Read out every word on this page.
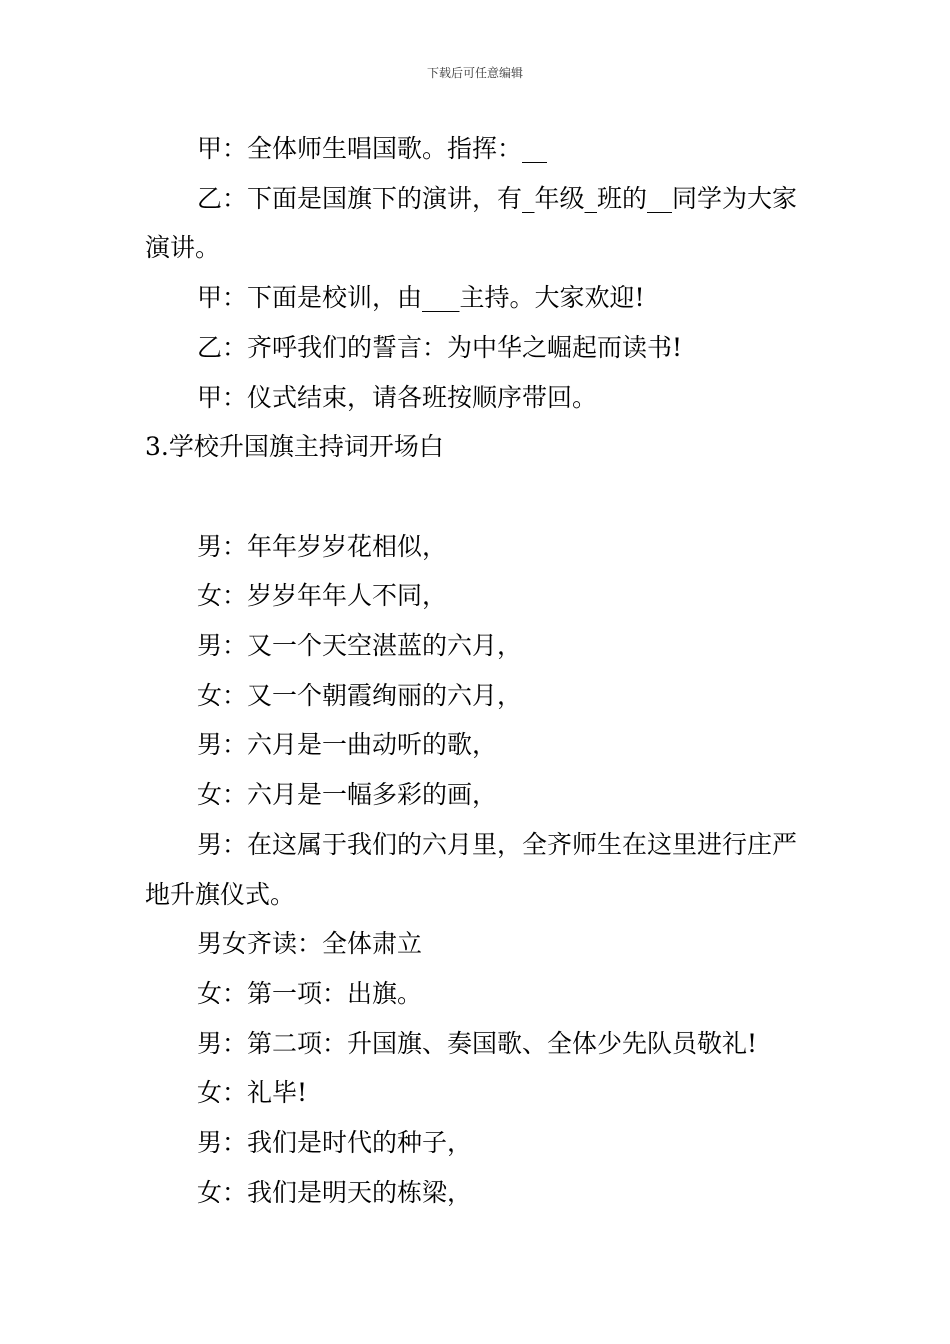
下载后可任意编辑

甲：全体师生唱国歌。指挥：__

乙：下面是国旗下的演讲，有_年级_班的__同学为大家演讲。

甲：下面是校训，由___主持。大家欢迎!

乙：齐呼我们的誓言：为中华之崛起而读书!

甲：仪式结束，请各班按顺序带回。

3.学校升国旗主持词开场白

男：年年岁岁花相似，

女：岁岁年年人不同，

男：又一个天空湛蓝的六月，

女：又一个朝霞绚丽的六月，

男：六月是一曲动听的歌，

女：六月是一幅多彩的画，

男：在这属于我们的六月里，全齐师生在这里进行庄严地升旗仪式。

男女齐读：全体肃立

女：第一项：出旗。

男：第二项：升国旗、奏国歌、全体少先队员敬礼!

女：礼毕!

男：我们是时代的种子，

女：我们是明天的栋梁，
